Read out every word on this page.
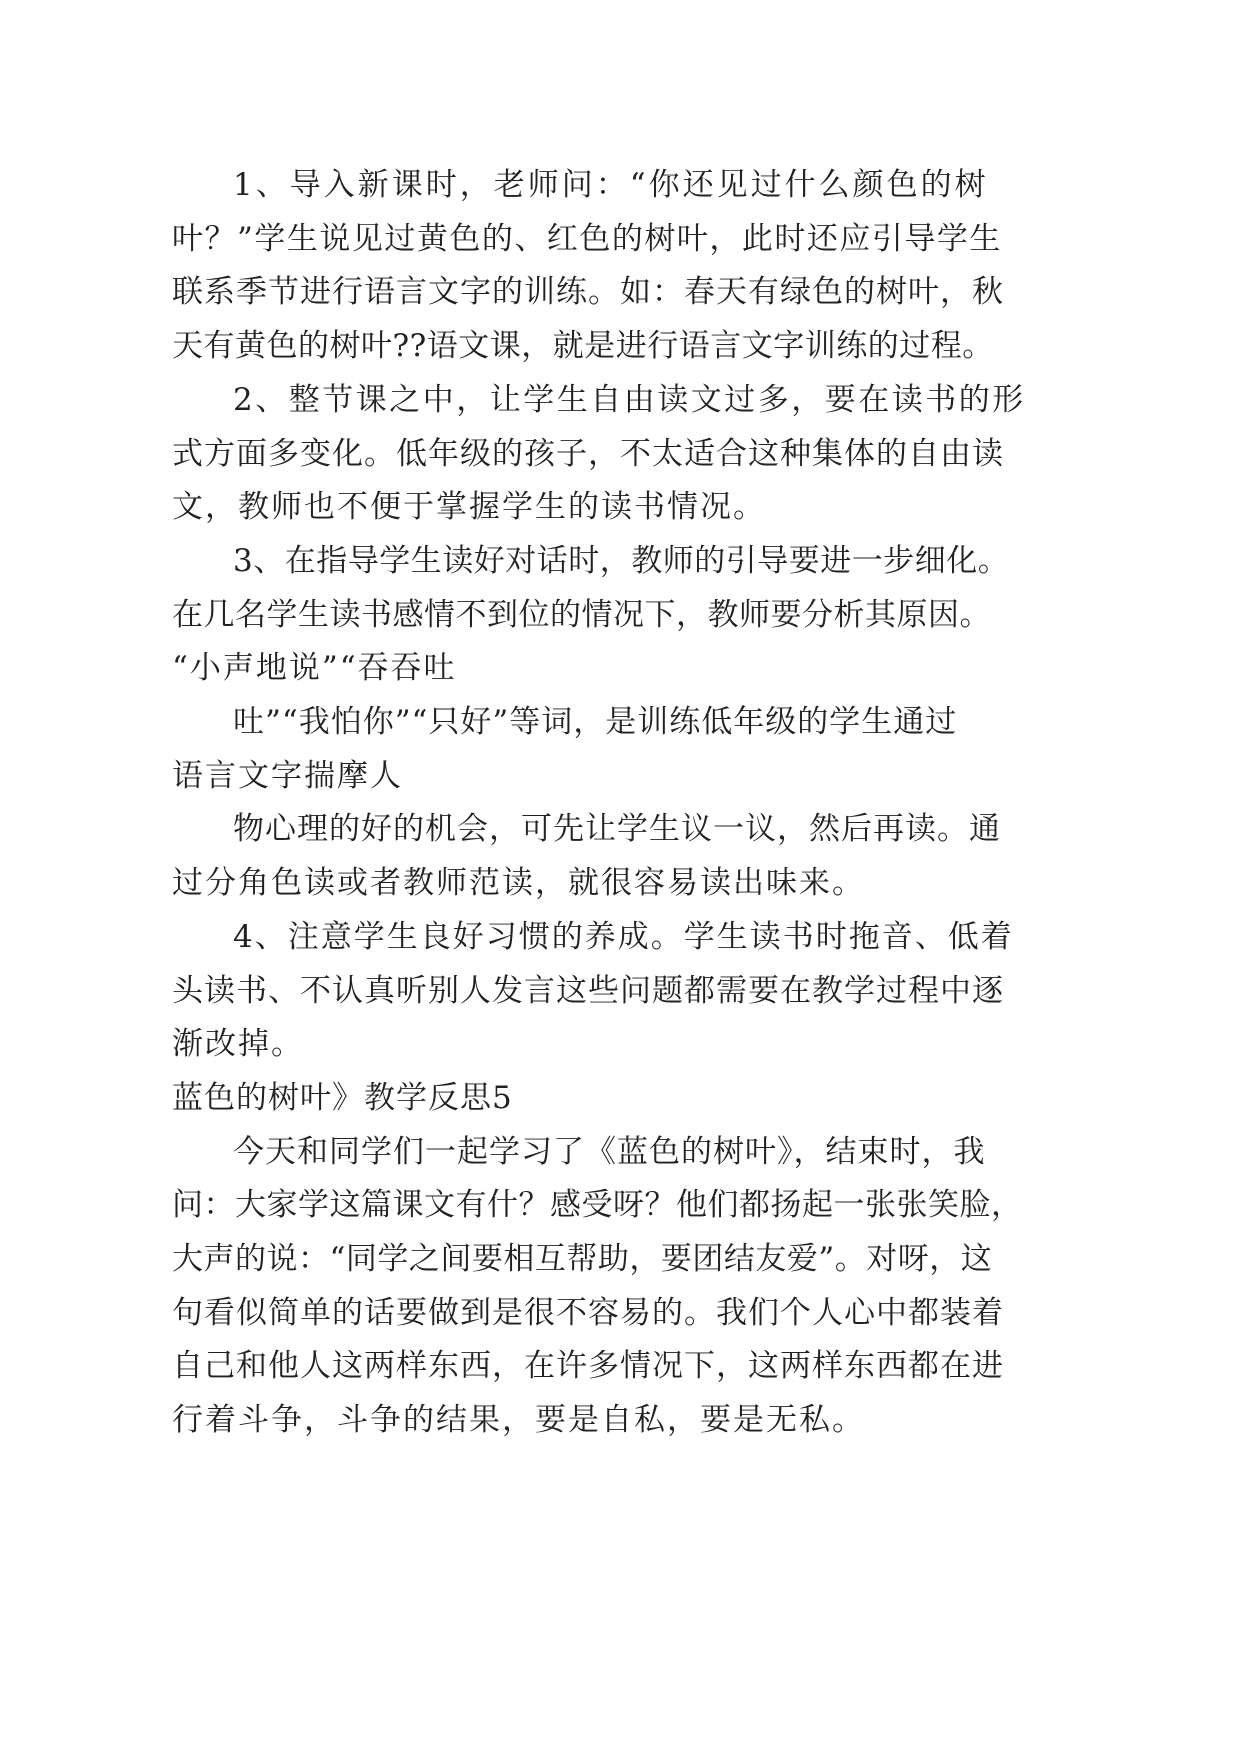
1、导入新课时，老师问：“你还见过什么颜色的树
叶？”学生说见过黄色的、红色的树叶，此时还应引导学生
联系季节进行语言文字的训练。如：春天有绿色的树叶，秋
天有黄色的树叶??语文课，就是进行语言文字训练的过程。
2、整节课之中，让学生自由读文过多，要在读书的形
式方面多变化。低年级的孩子，不太适合这种集体的自由读
文，教师也不便于掌握学生的读书情况。
3、在指导学生读好对话时，教师的引导要进一步细化。
在几名学生读书感情不到位的情况下，教师要分析其原因。
“小声地说”“吞吞吐
吐”“我怕你”“只好”等词，是训练低年级的学生通过
语言文字揣摩人
物心理的好的机会，可先让学生议一议，然后再读。通
过分角色读或者教师范读，就很容易读出味来。
4、注意学生良好习惯的养成。学生读书时拖音、低着
头读书、不认真听别人发言这些问题都需要在教学过程中逐
渐改掉。
蓝色的树叶》教学反思5
今天和同学们一起学习了《蓝色的树叶》，结束时，我
问：大家学这篇课文有什？感受呀？他们都扬起一张张笑脸，
大声的说：“同学之间要相互帮助，要团结友爱”。对呀，这
句看似简单的话要做到是很不容易的。我们个人心中都装着
自己和他人这两样东西，在许多情况下，这两样东西都在进
行着斗争，斗争的结果，要是自私，要是无私。
